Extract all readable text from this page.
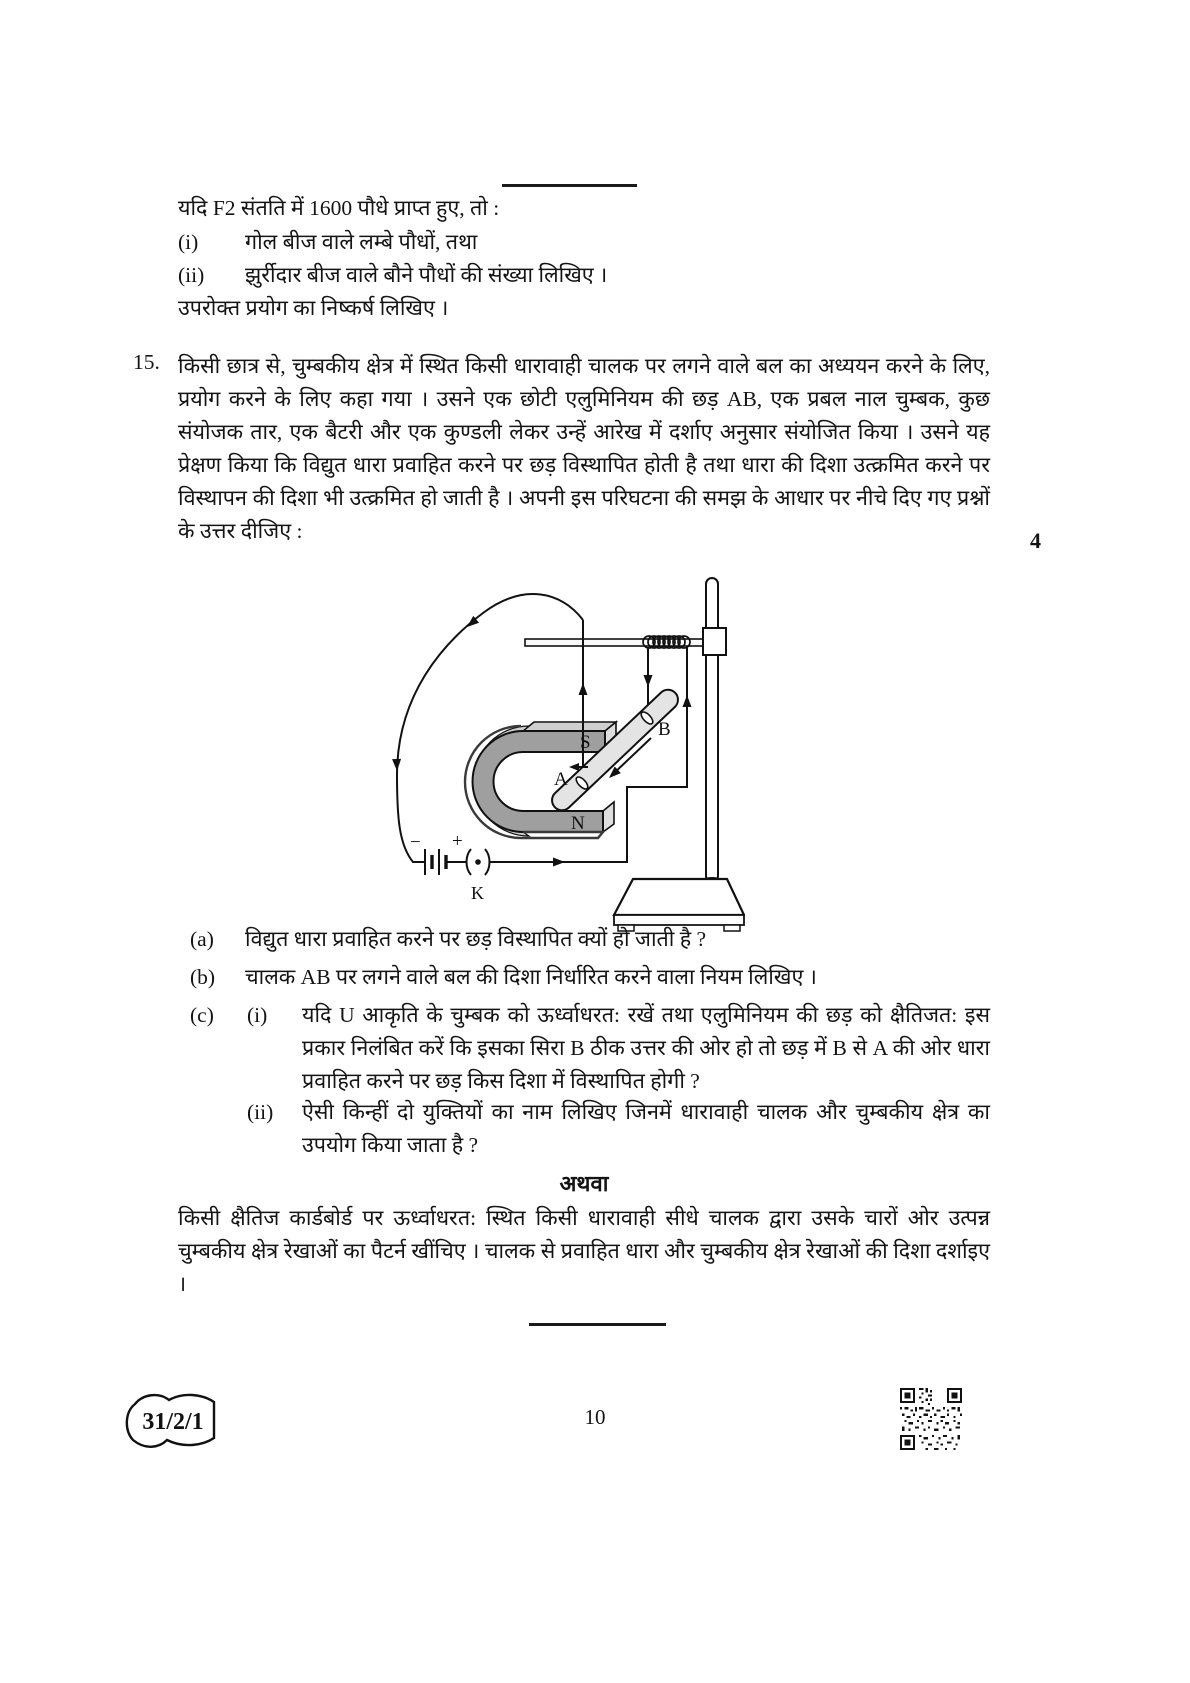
यदि F2 संतति में 1600 पौधे प्राप्त हुए, तो :
(i) गोल बीज वाले लम्बे पौधों, तथा
(ii) झुर्रीदार बीज वाले बौने पौधों की संख्या लिखिए ।
उपरोक्त प्रयोग का निष्कर्ष लिखिए ।
15. किसी छात्र से, चुम्बकीय क्षेत्र में स्थित किसी धारावाही चालक पर लगने वाले बल का अध्ययन करने के लिए, प्रयोग करने के लिए कहा गया । उसने एक छोटी एलुमिनियम की छड़ AB, एक प्रबल नाल चुम्बक, कुछ संयोजक तार, एक बैटरी और एक कुण्डली लेकर उन्हें आरेख में दर्शाए अनुसार संयोजित किया । उसने यह प्रेक्षण किया कि विद्युत धारा प्रवाहित करने पर छड़ विस्थापित होती है तथा धारा की दिशा उत्क्रमित करने पर विस्थापन की दिशा भी उत्क्रमित हो जाती है । अपनी इस परिघटना की समझ के आधार पर नीचे दिए गए प्रश्नों के उत्तर दीजिए :	4
− +
K
S
N
A
B
(a) विद्युत धारा प्रवाहित करने पर छड़ विस्थापित क्यों हो जाती है ?
(b) चालक AB पर लगने वाले बल की दिशा निर्धारित करने वाला नियम लिखिए ।
(c) (i) यदि U आकृति के चुम्बक को ऊर्ध्वाधरत: रखें तथा एलुमिनियम की छड़ को क्षैतिजत: इस प्रकार निलंबित करें कि इसका सिरा B ठीक उत्तर की ओर हो तो छड़ में B से A की ओर धारा प्रवाहित करने पर छड़ किस दिशा में विस्थापित होगी ?
(ii) ऐसी किन्हीं दो युक्तियों का नाम लिखिए जिनमें धारावाही चालक और चुम्बकीय क्षेत्र का उपयोग किया जाता है ?
अथवा
किसी क्षैतिज कार्डबोर्ड पर ऊर्ध्वाधरत: स्थित किसी धारावाही सीधे चालक द्वारा उसके चारों ओर उत्पन्न चुम्बकीय क्षेत्र रेखाओं का पैटर्न खींचिए । चालक से प्रवाहित धारा और चुम्बकीय क्षेत्र रेखाओं की दिशा दर्शाइए ।
31/2/1	10
